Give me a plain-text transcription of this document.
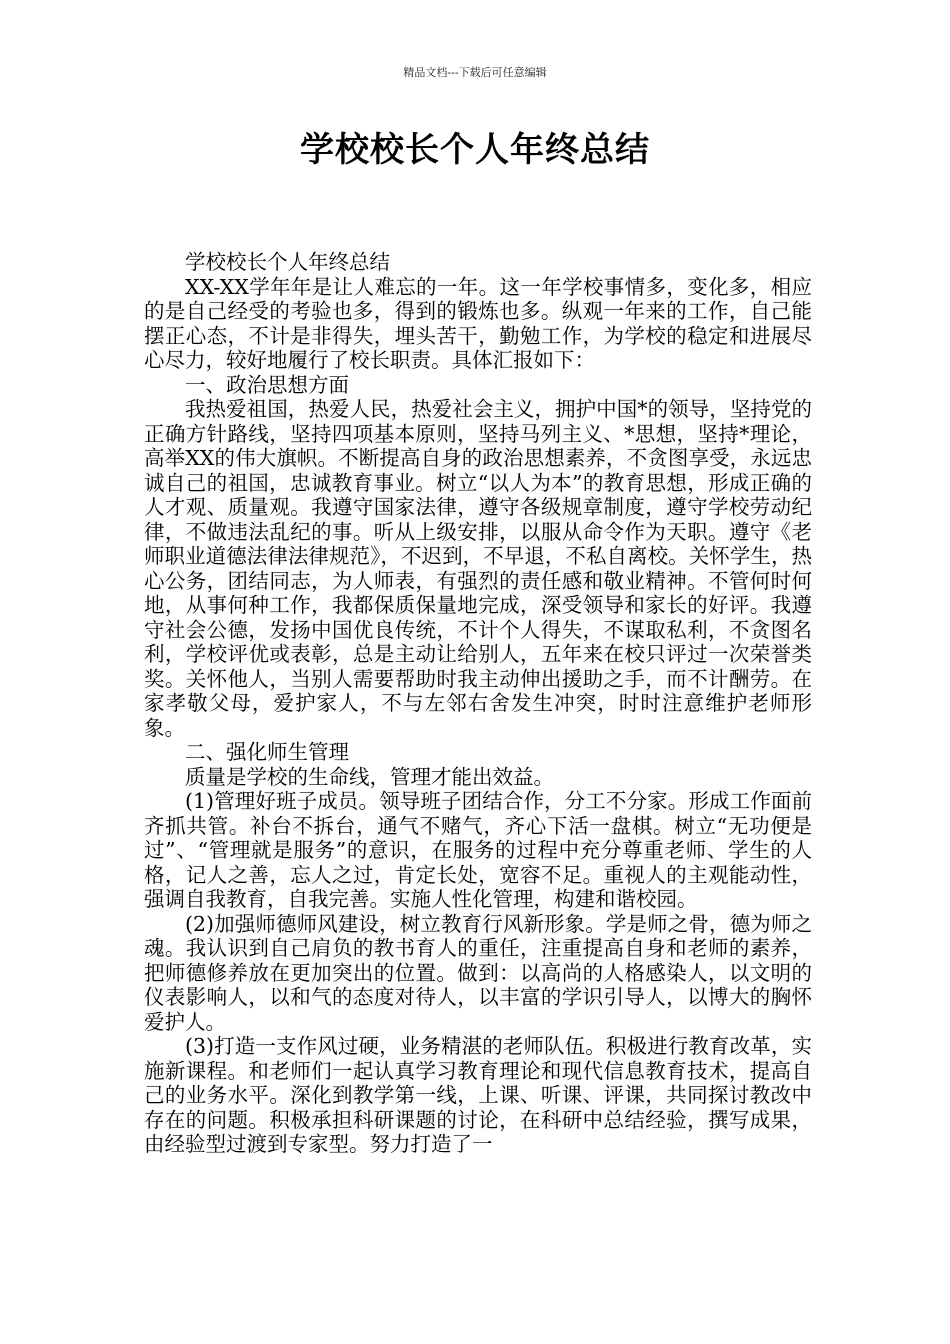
精品文档---下载后可任意编辑
学校校长个人年终总结

学校校长个人年终总结

XX-XX学年年是让人难忘的一年。这一年学校事情多，变化多，相应的是自己经受的考验也多，得到的锻炼也多。纵观一年来的工作，自己能摆正心态，不计是非得失，埋头苦干，勤勉工作，为学校的稳定和进展尽心尽力，较好地履行了校长职责。具体汇报如下：

一、政治思想方面

我热爱祖国，热爱人民，热爱社会主义，拥护中国*的领导，坚持党的正确方针路线，坚持四项基本原则，坚持马列主义、*思想，坚持*理论，高举XX的伟大旗帜。不断提高自身的政治思想素养，不贪图享受，永远忠诚自己的祖国，忠诚教育事业。树立“以人为本”的教育思想，形成正确的人才观、质量观。我遵守国家法律，遵守各级规章制度，遵守学校劳动纪律，不做违法乱纪的事。听从上级安排，以服从命令作为天职。遵守《老师职业道德法律法律规范》，不迟到，不早退，不私自离校。关怀学生，热心公务，团结同志，为人师表，有强烈的责任感和敬业精神。不管何时何地，从事何种工作，我都保质保量地完成，深受领导和家长的好评。我遵守社会公德，发扬中国优良传统，不计个人得失，不谋取私利，不贪图名利，学校评优或表彰，总是主动让给别人，五年来在校只评过一次荣誉类奖。关怀他人，当别人需要帮助时我主动伸出援助之手，而不计酬劳。在家孝敬父母，爱护家人，不与左邻右舍发生冲突，时时注意维护老师形象。

二、强化师生管理

质量是学校的生命线，管理才能出效益。

(1)管理好班子成员。领导班子团结合作，分工不分家。形成工作面前齐抓共管。补台不拆台，通气不赌气，齐心下活一盘棋。树立“无功便是过”、“管理就是服务”的意识，在服务的过程中充分尊重老师、学生的人格，记人之善，忘人之过，肯定长处，宽容不足。重视人的主观能动性，强调自我教育，自我完善。实施人性化管理，构建和谐校园。

(2)加强师德师风建设，树立教育行风新形象。学是师之骨，德为师之魂。我认识到自己肩负的教书育人的重任，注重提高自身和老师的素养，把师德修养放在更加突出的位置。做到：以高尚的人格感染人，以文明的仪表影响人，以和气的态度对待人，以丰富的学识引导人，以博大的胸怀爱护人。

(3)打造一支作风过硬，业务精湛的老师队伍。积极进行教育改革，实施新课程。和老师们一起认真学习教育理论和现代信息教育技术，提高自己的业务水平。深化到教学第一线，上课、听课、评课，共同探讨教改中存在的问题。积极承担科研课题的讨论，在科研中总结经验，撰写成果，由经验型过渡到专家型。努力打造了一
